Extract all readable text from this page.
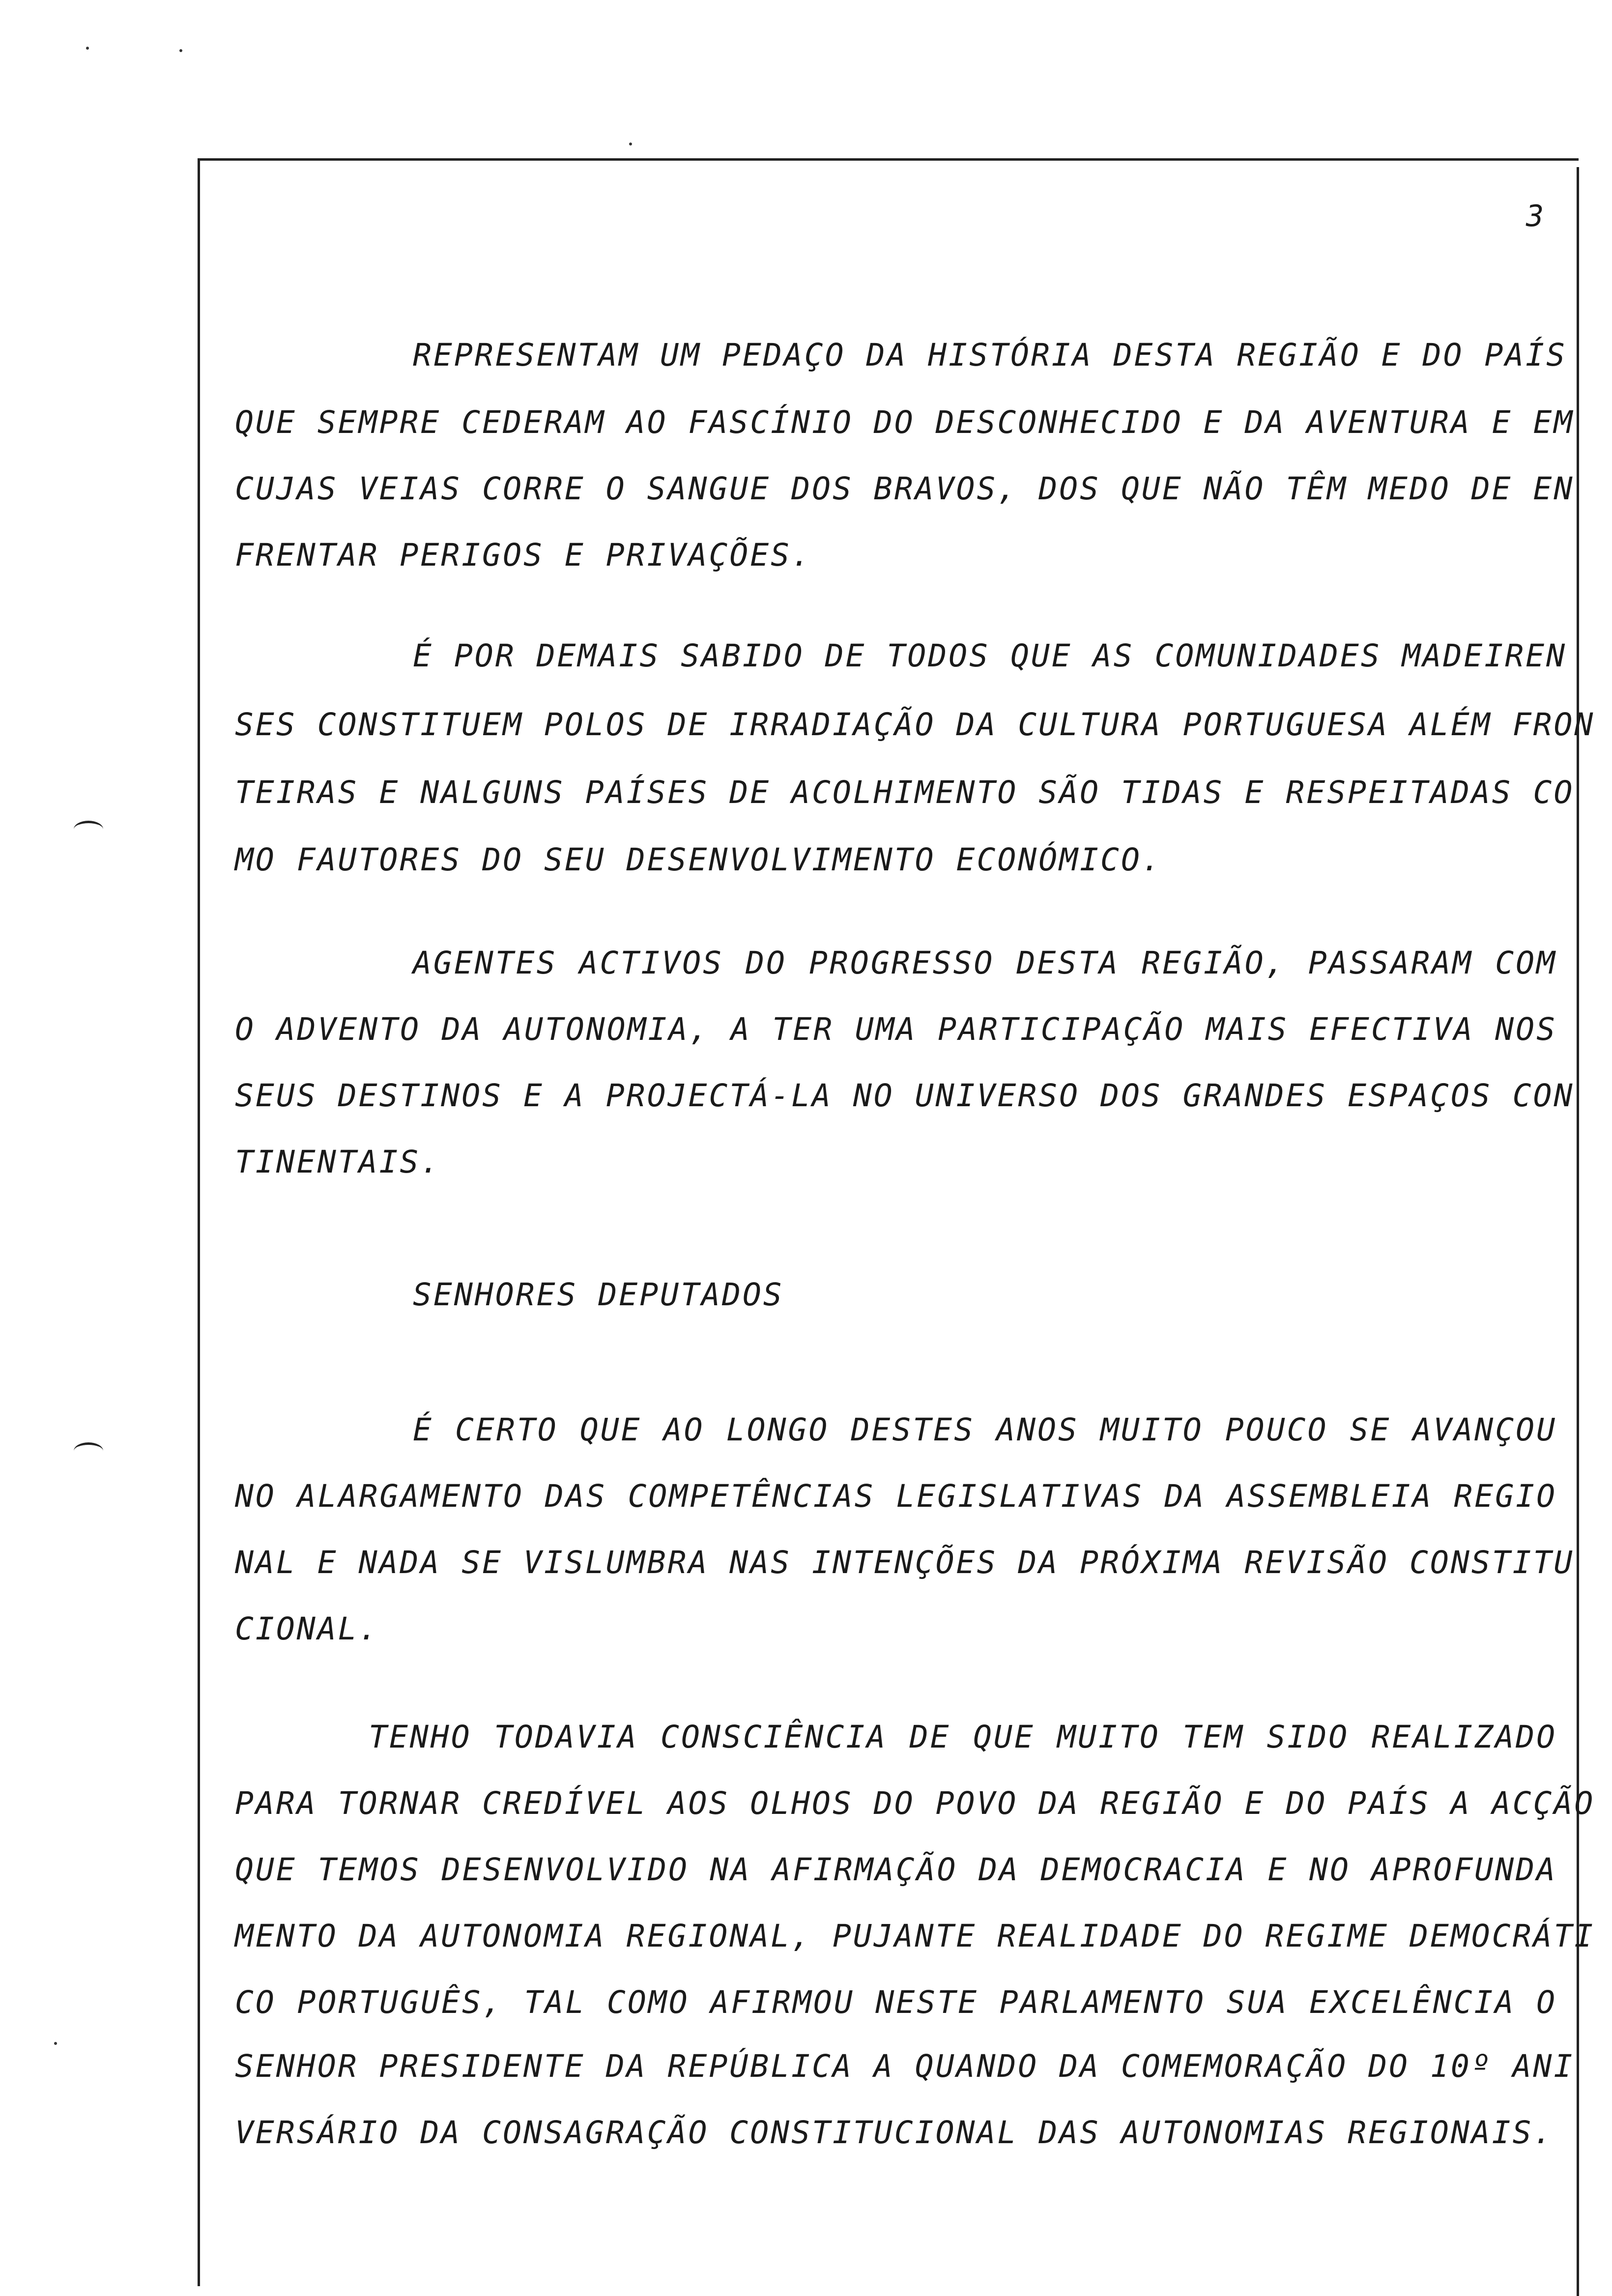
3
REPRESENTAM UM PEDAÇO DA HISTÓRIA DESTA REGIÃO E DO PAÍS
QUE SEMPRE CEDERAM AO FASCÍNIO DO DESCONHECIDO E DA AVENTURA E EM
CUJAS VEIAS CORRE O SANGUE DOS BRAVOS, DOS QUE NÃO TÊM MEDO DE EN
FRENTAR PERIGOS E PRIVAÇÕES.
É POR DEMAIS SABIDO DE TODOS QUE AS COMUNIDADES MADEIREN
SES CONSTITUEM POLOS DE IRRADIAÇÃO DA CULTURA PORTUGUESA ALÉM FRON
TEIRAS E NALGUNS PAÍSES DE ACOLHIMENTO SÃO TIDAS E RESPEITADAS CO
MO FAUTORES DO SEU DESENVOLVIMENTO ECONÓMICO.
AGENTES ACTIVOS DO PROGRESSO DESTA REGIÃO, PASSARAM COM
O ADVENTO DA AUTONOMIA, A TER UMA PARTICIPAÇÃO MAIS EFECTIVA NOS
SEUS DESTINOS E A PROJECTÁ-LA NO UNIVERSO DOS GRANDES ESPAÇOS CON
TINENTAIS.
SENHORES DEPUTADOS
É CERTO QUE AO LONGO DESTES ANOS MUITO POUCO SE AVANÇOU
NO ALARGAMENTO DAS COMPETÊNCIAS LEGISLATIVAS DA ASSEMBLEIA REGIO
NAL E NADA SE VISLUMBRA NAS INTENÇÕES DA PRÓXIMA REVISÃO CONSTITU
CIONAL.
TENHO TODAVIA CONSCIÊNCIA DE QUE MUITO TEM SIDO REALIZADO
PARA TORNAR CREDÍVEL AOS OLHOS DO POVO DA REGIÃO E DO PAÍS A ACÇÃO
QUE TEMOS DESENVOLVIDO NA AFIRMAÇÃO DA DEMOCRACIA E NO APROFUNDA
MENTO DA AUTONOMIA REGIONAL, PUJANTE REALIDADE DO REGIME DEMOCRÁTI
CO PORTUGUÊS, TAL COMO AFIRMOU NESTE PARLAMENTO SUA EXCELÊNCIA O
SENHOR PRESIDENTE DA REPÚBLICA A QUANDO DA COMEMORAÇÃO DO 10º ANI
VERSÁRIO DA CONSAGRAÇÃO CONSTITUCIONAL DAS AUTONOMIAS REGIONAIS.
